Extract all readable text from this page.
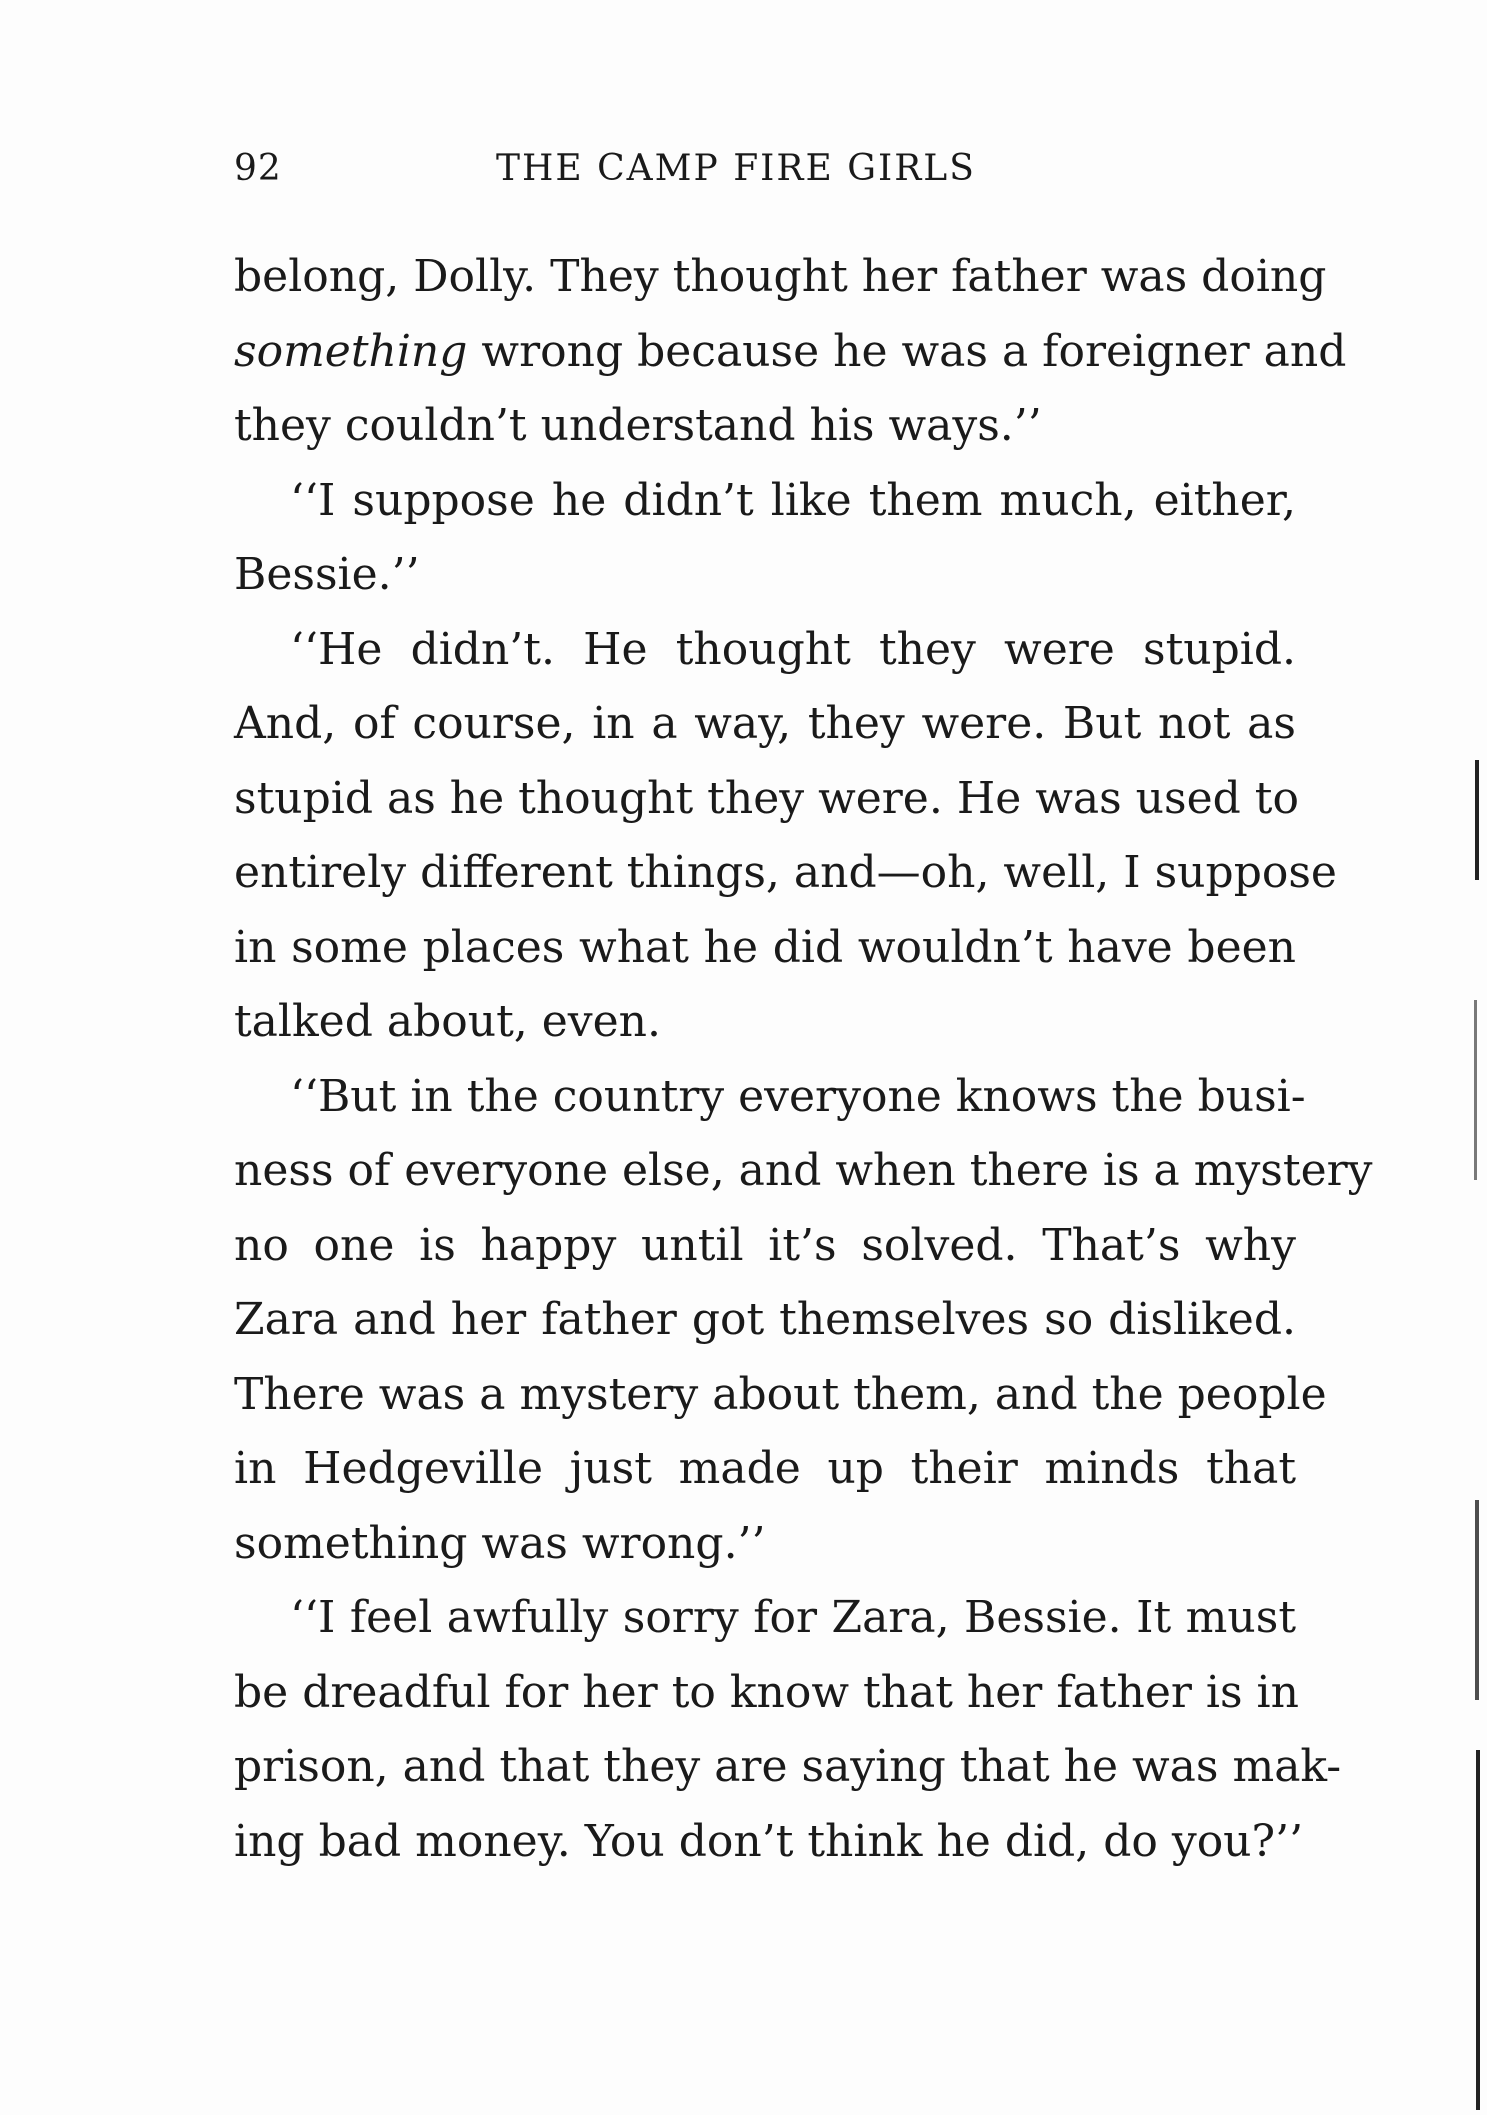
92	THE CAMP FIRE GIRLS
belong, Dolly. They thought her father was doing
something wrong because he was a foreigner and
they couldn’t understand his ways.’’
‘‘I suppose he didn’t like them much, either,
Bessie.’’
‘‘He didn’t. He thought they were stupid.
And, of course, in a way, they were. But not as
stupid as he thought they were. He was used to
entirely different things, and—oh, well, I suppose
in some places what he did wouldn’t have been
talked about, even.
‘‘But in the country everyone knows the busi-
ness of everyone else, and when there is a mystery
no one is happy until it’s solved. That’s why
Zara and her father got themselves so disliked.
There was a mystery about them, and the people
in Hedgeville just made up their minds that
something was wrong.’’
‘‘I feel awfully sorry for Zara, Bessie. It must
be dreadful for her to know that her father is in
prison, and that they are saying that he was mak-
ing bad money. You don’t think he did, do you?’’
